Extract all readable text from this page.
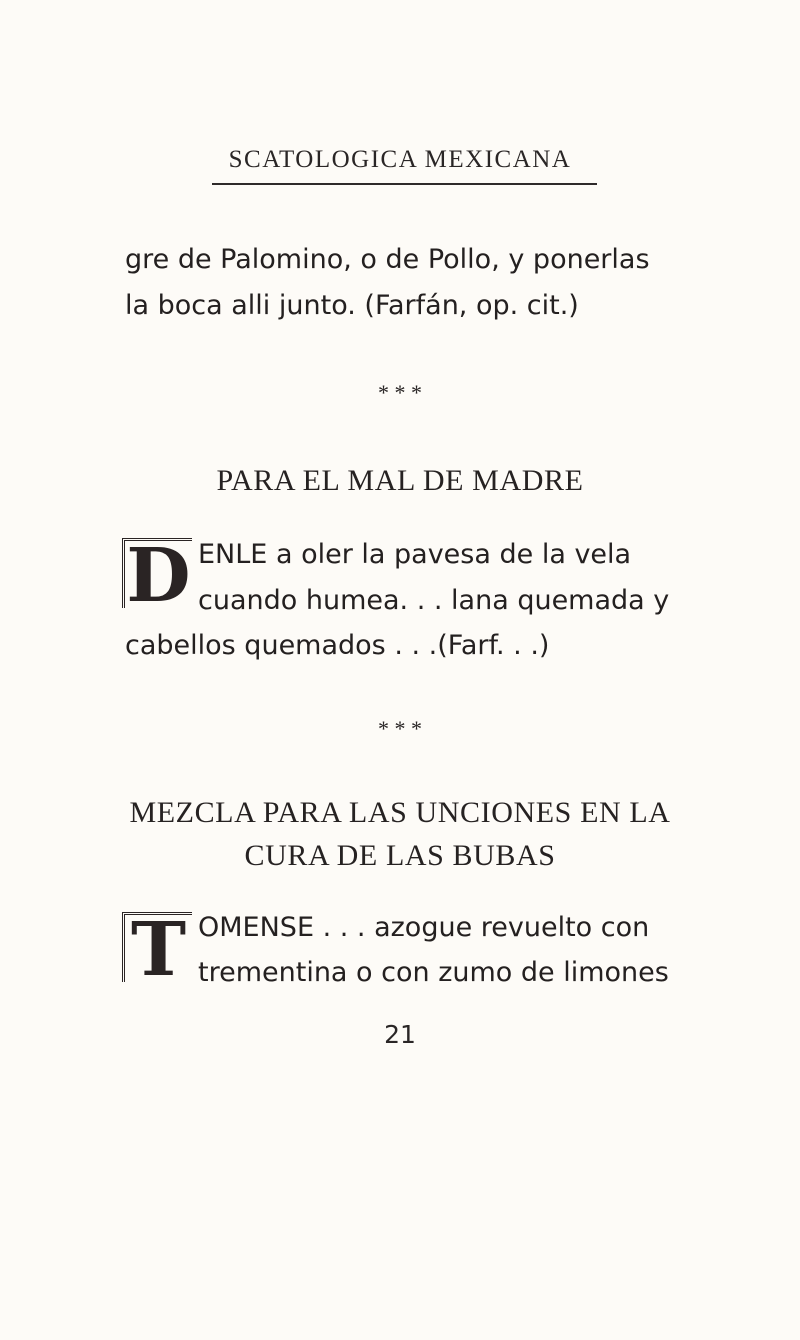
SCATOLOGICA MEXICANA
gre de Palomino, o de Pollo, y ponerlas
la boca alli junto. (Farfán, op. cit.)
* * *
PARA EL MAL DE MADRE
D ENLE a oler la pavesa de la vela
cuando humea. . . lana quemada y
cabellos quemados . . .(Farf. . .)
* * *
MEZCLA PARA LAS UNCIONES EN LA
CURA DE LAS BUBAS
T OMENSE . . . azogue revuelto con
trementina o con zumo de limones
21
